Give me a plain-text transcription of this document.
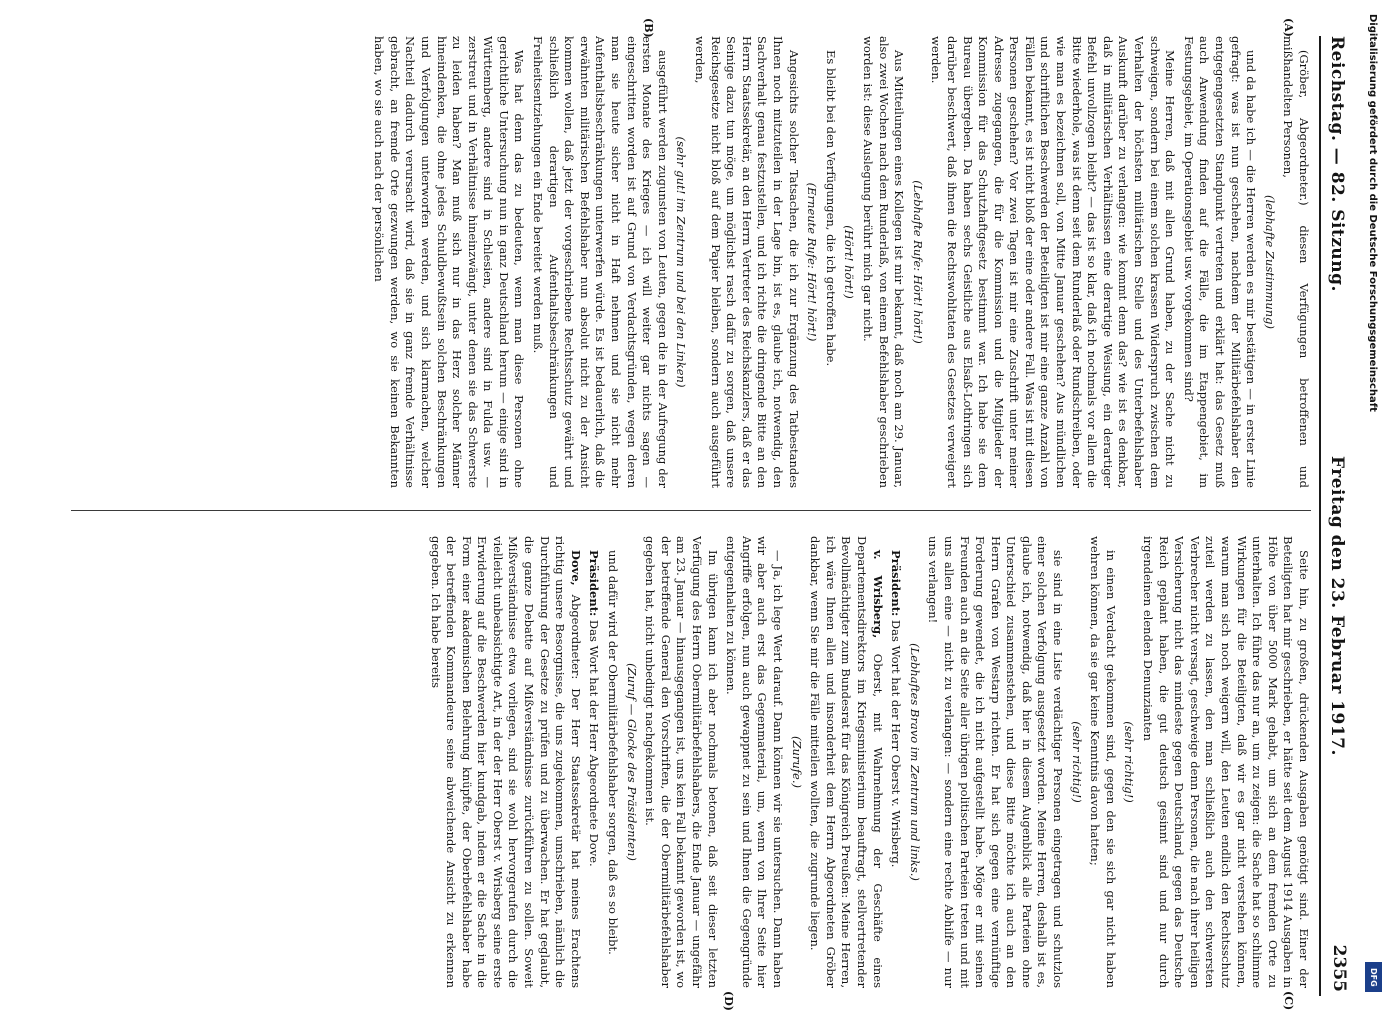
Reichstag. — 82. Sitzung.
Freitag den 23. Februar 1917.
2355

(Gröber, Abgeordneter.) diesen Verfügungen betroffenen und mißhandelten Personen,

(lebhafte Zustimmung)

und da habe ich — die Herren werden es mir bestätigen — in erster Linie gefragt: was ist nun geschehen, nachdem der Militärbefehlshaber den entgegengesetzten Standpunkt vertreten und erklärt hat: das Gesetz muß auch Anwendung finden auf die Fälle, die im Etappengebiet, im Festungsgebiet, im Operationsgebiet usw. vorgekommen sind?

Meine Herren, daß mit allen Grund haben, zu der Sache nicht zu schweigen, sondern bei einem solchen krassen Widerspruch zwischen dem Verhalten der höchsten militärischen Stelle und des Unterbefehlshaber Auskunft darüber zu verlangen: wie kommt denn das? wie ist es denkbar, daß in militärischen Verhältnissen eine derartige Weisung, ein derartiger Befehl unvollzogen bleibt? — das ist so klar, daß ich nochmals vor allem die Bitte wiederhole, was ist denn seit dem Runderlaß oder Rundschreiben, oder wie man es bezeichnen soll, von Mitte Januar geschehen? Aus mündlichen und schriftlichen Beschwerden der Beteiligten ist mir eine ganze Anzahl von Fällen bekannt, es ist nicht bloß der eine oder andere Fall. Was ist mit diesen Personen geschehen? Vor zwei Tagen ist mir eine Zuschrift unter meiner Adresse zugegangen, die für die Kommission und die Mitglieder der Kommission für das Schutzhaftgesetz bestimmt war. Ich habe sie dem Bureau übergeben. Da haben sechs Geistliche aus Elsaß-Lothringen sich darüber beschwert, daß ihnen die Rechtswohltaten des Gesetzes verweigert werden.

(Lebhafte Rufe: Hört! hört!)

Aus Mitteilungen eines Kollegen ist mir bekannt, daß noch am 29. Januar, also zwei Wochen nach dem Runderlaß, von einem Befehlshaber geschrieben worden ist: diese Auslegung berührt mich gar nicht.

(Hört! hört!)

Es bleibt bei den Verfügungen, die ich getroffen habe.

(Erneute Rufe: Hört! hört!)

Angesichts solcher Tatsachen, die ich zur Ergänzung des Tatbestandes Ihnen noch mitzuteilen in der Lage bin, ist es, glaube ich, notwendig, den Sachverhalt genau festzustellen, und ich richte die dringende Bitte an den Herrn Staatssekretär, an den Herrn Vertreter des Reichskanzlers, daß er das Seinige dazu tun möge, um möglichst rasch dafür zu sorgen, daß unsere Reichsgesetze nicht bloß auf dem Papier bleiben, sondern auch ausgeführt werden,

(sehr gut! im Zentrum und bei den Linken)

ausgeführt werden zugunsten von Leuten, gegen die in der Aufregung der ersten Monate des Krieges — ich will weiter gar nichts sagen — eingeschritten worden ist auf Grund von Verdachtsgründen, wegen deren man sie heute sicher nicht in Haft nehmen und sie nicht mehr Aufenthaltsbeschränkungen unterwerfen würde. Es ist bedauerlich, daß die erwähnten militärischen Befehlshaber nun absolut nicht zu der Ansicht kommen wollen, daß jetzt der vorgeschriebene Rechtsschutz gewährt und schließlich derartigen Aufenthaltsbeschränkungen und Freiheitsentziehungen ein Ende bereitet werden muß.

Was hat denn das zu bedeuten, wenn man diese Personen ohne gerichtliche Untersuchung nun in ganz Deutschland herum — einige sind in Württemberg, andere sind in Schlesien, andere sind in Fulda usw. — zerstreut und in Verhältnisse hineinzwängt, unter denen sie das Schwerste zu leiden haben? Man muß sich nur in das Herz solcher Männer hineindenken, die ohne jedes Schuldbewußtsein solchen Beschränkungen und Verfolgungen unterworfen werden, und sich klarmachen, welcher Nachteil dadurch verursacht wird, daß sie in ganz fremde Verhältnisse gebracht, an fremde Orte gezwungen werden, wo sie keinen Bekannten haben, wo sie auch nach der persönlichen

Seite hin, zu großen, drückenden Ausgaben genötigt sind. Einer der Beteiligten hat mir geschrieben, er hätte seit dem August 1914 Ausgaben in Höhe von über 5000 Mark gehabt, um sich an dem fremden Orte zu unterhalten. Ich führe das nur an, um zu zeigen: die Sache hat so schlimme Wirkungen für die Beteiligten, daß wir es gar nicht verstehen können, warum man sich noch weigern will, den Leuten endlich den Rechtsschutz zuteil werden zu lassen, den man schließlich auch den schwersten Verbrecher nicht versagt, geschweige denn Personen, die nach ihrer heiligen Versicherung nicht das mindeste gegen Deutschland, gegen das Deutsche Reich geplant haben, die gut deutsch gesinnt sind und nur durch irgendeinen elenden Denunzianten

(sehr richtig!)

in einen Verdacht gekommen sind, gegen den sie sich gar nicht haben wehren können, da sie gar keine Kenntnis davon hatten;

(sehr richtig!)

sie sind in eine Liste verdächtiger Personen eingetragen und schutzlos einer solchen Verfolgung ausgesetzt worden. Meine Herren, deshalb ist es, glaube ich, notwendig, daß hier in diesem Augenblick alle Parteien ohne Unterschied zusammenstehen, und diese Bitte möchte ich auch an den Herrn Grafen von Westarp richten. Er hat sich gegen eine vernünftige Forderung gewendet, die ich nicht aufgestellt habe. Möge er mit seinen Freunden auch an die Seite aller übrigen politischen Parteien treten und mit uns allen eine — nicht zu verlangen: — sondern eine rechte Abhilfe — nur uns verlangen!

(Lebhaftes Bravo im Zentrum und links.)

Präsident: Das Wort hat der Herr Oberst v. Wrisberg.

v. Wrisberg, Oberst, mit Wahrnehmung der Geschäfte eines Departementsdirektors im Kriegsministerium beauftragt, stellvertretender Bevollmächtigter zum Bundesrat für das Königreich Preußen: Meine Herren, ich wäre Ihnen allen und insonderheit dem Herrn Abgeordneten Gröber dankbar, wenn Sie mir die Fälle mitteilen wollten, die zugrunde liegen.

(Zurufe.)

— Ja, ich lege Wert darauf. Dann können wir sie untersuchen. Dann haben wir aber auch erst das Gegenmaterial, um, wenn von Ihrer Seite hier Angriffe erfolgen, nun auch gewappnet zu sein und Ihnen die Gegengründe entgegenhalten zu können.

Im übrigen kann ich aber nochmals betonen, daß seit dieser letzten Verfügung des Herrn Obermilitärbefehlshabers, die Ende Januar — ungefähr am 23. Januar — hinausgegangen ist, uns kein Fall bekannt geworden ist, wo der betreffende General den Vorschriften, die der Obermilitärbefehlshaber gegeben hat, nicht unbedingt nachgekommen ist.

(Zuruf — Glocke des Präsidenten)

und dafür wird der Obermilitärbefehlshaber sorgen, daß es so bleibt.

Präsident: Das Wort hat der Herr Abgeordnete Dove.

Dove, Abgeordneter: Der Herr Staatssekretär hat meines Erachtens richtig unsere Besorgnisse, die uns zugekommen, umschrieben, nämlich die Durchführung der Gesetze zu prüfen und zu überwachen. Er hat geglaubt, die ganze Debatte auf Mißverständnisse zurückführen zu sollen. Soweit Mißverständnisse etwa vorliegen, sind sie wohl hervorgerufen durch die vielleicht unbeabsichtigte Art, in der der Herr Oberst v. Wrisberg seine erste Erwiderung auf die Beschwerden hier kundgab, indem er die Sache in die Form einer akademischen Belehrung knüpfte, der Oberbefehlshaber habe der betreffenden Kommandeure seine abweichende Ansicht zu erkennen gegeben. Ich habe bereits

(A)
(B)
(C)
(D)
Digitalisierung gefördert durch die Deutsche Forschungsgemeinschaft
DFG
